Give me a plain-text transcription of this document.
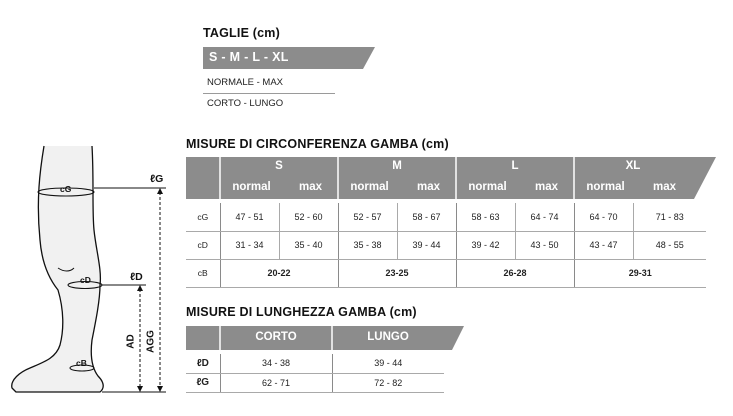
TAGLIE (cm)
S - M - L - XL
NORMALE - MAX
CORTO - LUNGO
MISURE DI CIRCONFERENZA GAMBA (cm)
S	M	L	XL
normal	max	normal	max	normal	max	normal	max
cG	47 - 51	52 - 60	52 - 57	58 - 67	58 - 63	64 - 74	64 - 70	71 - 83
cD	31 - 34	35 - 40	35 - 38	39 - 44	39 - 42	43 - 50	43 - 47	48 - 55
cB	20-22		23-25		26-28		29-31	
MISURE DI LUNGHEZZA GAMBA (cm)
CORTO	LUNGO
ℓD	34 - 38	39 - 44
ℓG	62 - 71	72 - 82
cG
cD
cB
ℓG
ℓD
AD AGG
